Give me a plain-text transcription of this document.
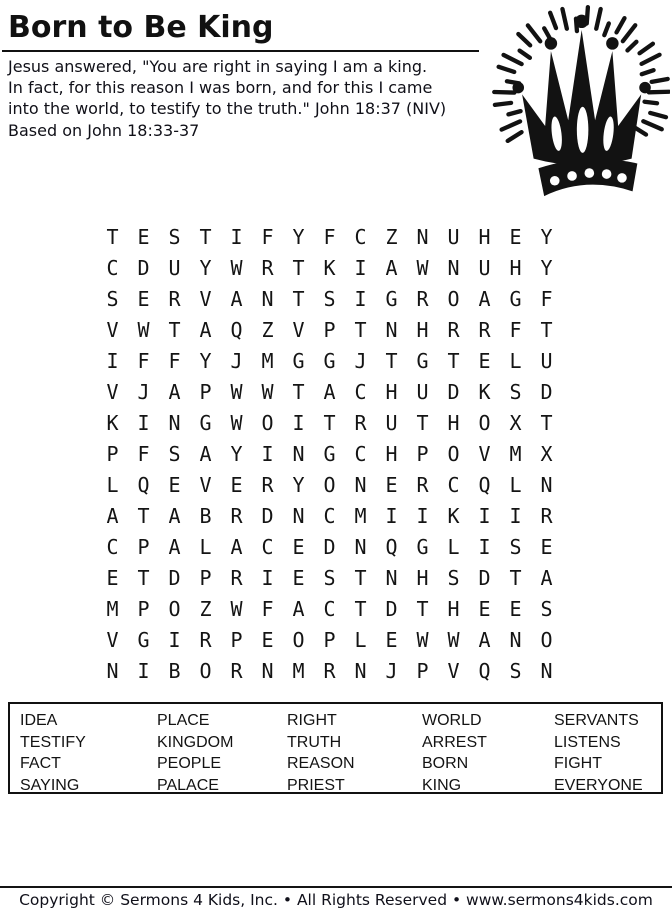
Born to Be King

Jesus answered, "You are right in saying I am a king.
In fact, for this reason I was born, and for this I came
into the world, to testify to the truth." John 18:37 (NIV)

Based on John 18:33-37

T E S T I F Y F C Z N U H E Y
C D U Y W R T K I A W N U H Y
S E R V A N T S I G R O A G F
V W T A Q Z V P T N H R R F T
I F F Y J M G G J T G T E L U
V J A P W W T A C H U D K S D
K I N G W O I T R U T H O X T
P F S A Y I N G C H P O V M X
L Q E V E R Y O N E R C Q L N
A T A B R D N C M I I K I I R
C P A L A C E D N Q G L I S E
E T D P R I E S T N H S D T A
M P O Z W F A C T D T H E E S
V G I R P E O P L E W W A N O
N I B O R N M R N J P V Q S N
IDEA
TESTIFY
FACT
SAYING
PLACE
KINGDOM
PEOPLE
PALACE
RIGHT
TRUTH
REASON
PRIEST
WORLD
ARREST
BORN
KING
SERVANTS
LISTENS
FIGHT
EVERYONE
Copyright © Sermons 4 Kids, Inc. • All Rights Reserved • www.sermons4kids.com
